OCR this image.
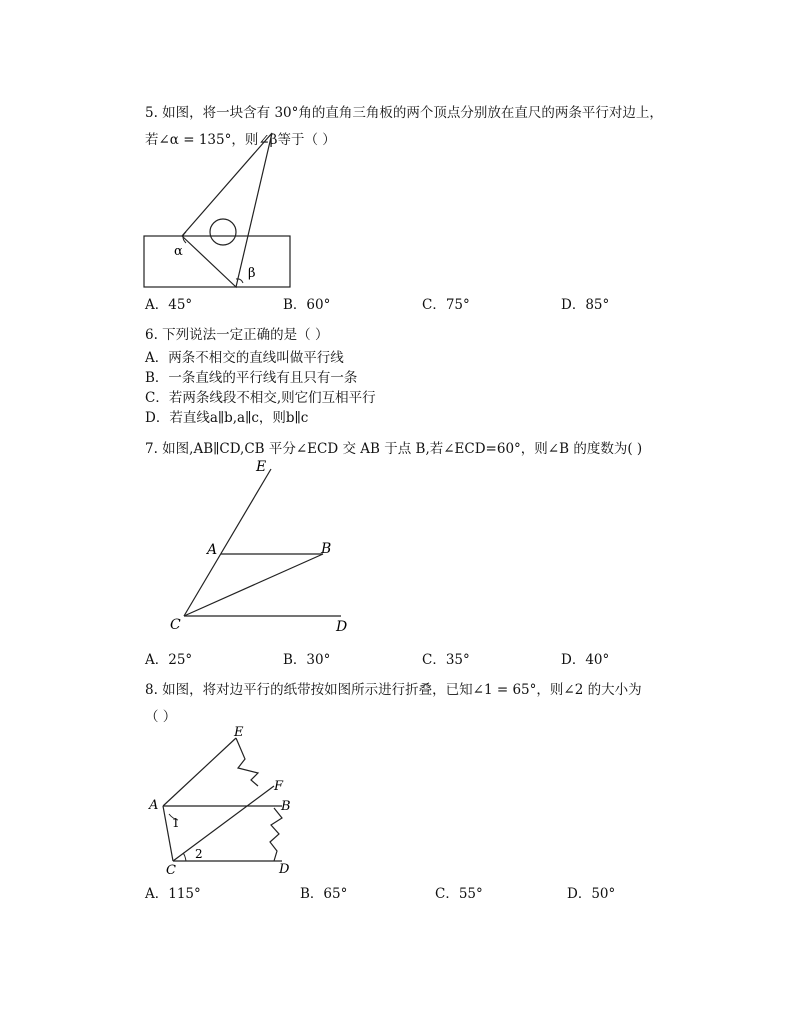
5. 如图，将一块含有 30°角的直角三角板的两个顶点分别放在直尺的两条平行对边上，
若∠α = 135°，则∠β等于（ ）
α
β
A．45°	B．60°	C．75°	D．85°
6. 下列说法一定正确的是（ ）
A．两条不相交的直线叫做平行线
B．一条直线的平行线有且只有一条
C．若两条线段不相交,则它们互相平行
D．若直线a∥b,a∥c，则b∥c
7. 如图,AB∥CD,CB 平分∠ECD 交 AB 于点 B,若∠ECD=60°，则∠B 的度数为( )
E
A	B
C	D
A．25°	B．30°	C．35°	D．40°
8. 如图，将对边平行的纸带按如图所示进行折叠，已知∠1 = 65°，则∠2 的大小为
（ ）
E
F
A	B
C	D
1
2
A．115°	B．65°	C．55°	D．50°
